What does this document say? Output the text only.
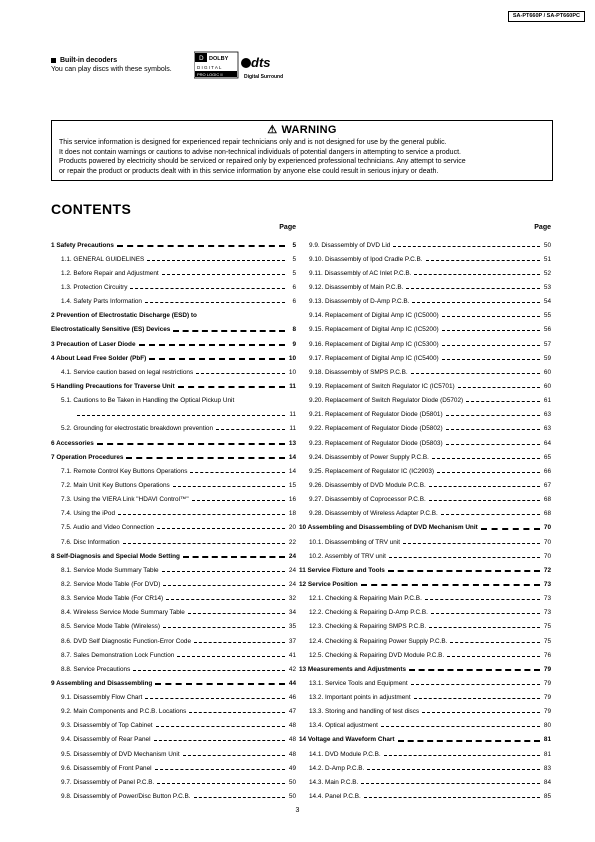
SA-PT660P / SA-PT660PC
Built-in decoders
You can play discs with these symbols.
D DOLBY
D I G I T A L
PRO LOGIC II
dts
Digital Surround
⚠ WARNING
This service information is designed for experienced repair technicians only and is not designed for use by the general public.
It does not contain warnings or cautions to advise non-technical individuals of potential dangers in attempting to service a product.
Products powered by electricity should be serviced or repaired only by experienced professional technicians. Any attempt to service
or repair the product or products dealt with in this service information by anyone else could result in serious injury or death.
CONTENTS
Page
1 Safety Precautions	5
1.1. GENERAL GUIDELINES	5
1.2. Before Repair and Adjustment	5
1.3. Protection Circuitry	6
1.4. Safety Parts Information	6
2 Prevention of Electrostatic Discharge (ESD) to
Electrostatically Sensitive (ES) Devices	8
3 Precaution of Laser Diode	9
4 About Lead Free Solder (PbF)	10
4.1. Service caution based on legal restrictions	10
5 Handling Precautions for Traverse Unit	11
5.1. Cautions to Be Taken in Handling the Optical Pickup Unit
11
5.2. Grounding for electrostatic breakdown prevention	11
6 Accessories	13
7 Operation Procedures	14
7.1. Remote Control Key Buttons Operations	14
7.2. Main Unit Key Buttons Operations	15
7.3. Using the VIERA Link "HDAVI Control™"	16
7.4. Using the iPod	18
7.5. Audio and Video Connection	20
7.6. Disc Information	22
8 Self-Diagnosis and Special Mode Setting	24
8.1. Service Mode Summary Table	24
8.2. Service Mode Table (For DVD)	24
8.3. Service Mode Table (For CR14)	32
8.4. Wireless Service Mode Summary Table	34
8.5. Service Mode Table (Wireless)	35
8.6. DVD Self Diagnostic Function-Error Code	37
8.7. Sales Demonstration Lock Function	41
8.8. Service Precautions	42
9 Assembling and Disassembling	44
9.1. Disassembly Flow Chart	46
9.2. Main Components and P.C.B. Locations	47
9.3. Disassembly of Top Cabinet	48
9.4. Disassembly of Rear Panel	48
9.5. Disassembly of DVD Mechanism Unit	48
9.6. Disassembly of Front Panel	49
9.7. Disassembly of Panel P.C.B.	50
9.8. Disassembly of Power/Disc Button P.C.B.	50
Page
9.9. Disassembly of DVD Lid	50
9.10. Disassembly of Ipod Cradle P.C.B.	51
9.11. Disassembly of AC Inlet P.C.B.	52
9.12. Disassembly of Main P.C.B.	53
9.13. Disassembly of D-Amp P.C.B.	54
9.14. Replacement of Digital Amp IC (IC5000)	55
9.15. Replacement of Digital Amp IC (IC5200)	56
9.16. Replacement of Digital Amp IC (IC5300)	57
9.17. Replacement of Digital Amp IC (IC5400)	59
9.18. Disassembly of SMPS P.C.B.	60
9.19. Replacement of Switch Regulator IC (IC5701)	60
9.20. Replacement of Switch Regulator Diode (D5702)	61
9.21. Replacement of Regulator Diode (D5801)	63
9.22. Replacement of Regulator Diode (D5802)	63
9.23. Replacement of Regulator Diode (D5803)	64
9.24. Disassembly of Power Supply P.C.B.	65
9.25. Replacement of Regulator IC (IC2903)	66
9.26. Disassembly of DVD Module P.C.B.	67
9.27. Disassembly of Coprocessor P.C.B.	68
9.28. Disassembly of Wireless Adapter P.C.B.	68
10 Assembling and Disassembling of DVD Mechanism Unit	70
10.1. Disassembling of TRV unit	70
10.2. Assembly of TRV unit	70
11 Service Fixture and Tools	72
12 Service Position	73
12.1. Checking & Repairing Main P.C.B.	73
12.2. Checking & Repairing D-Amp P.C.B.	73
12.3. Checking & Repairing SMPS P.C.B.	75
12.4. Checking & Repairing Power Supply P.C.B.	75
12.5. Checking & Repairing DVD Module P.C.B.	76
13 Measurements and Adjustments	79
13.1. Service Tools and Equipment	79
13.2. Important points in adjustment	79
13.3. Storing and handling of test discs	79
13.4. Optical adjustment	80
14 Voltage and Waveform Chart	81
14.1. DVD Module P.C.B.	81
14.2. D-Amp P.C.B.	83
14.3. Main P.C.B.	84
14.4. Panel P.C.B.	85
3
